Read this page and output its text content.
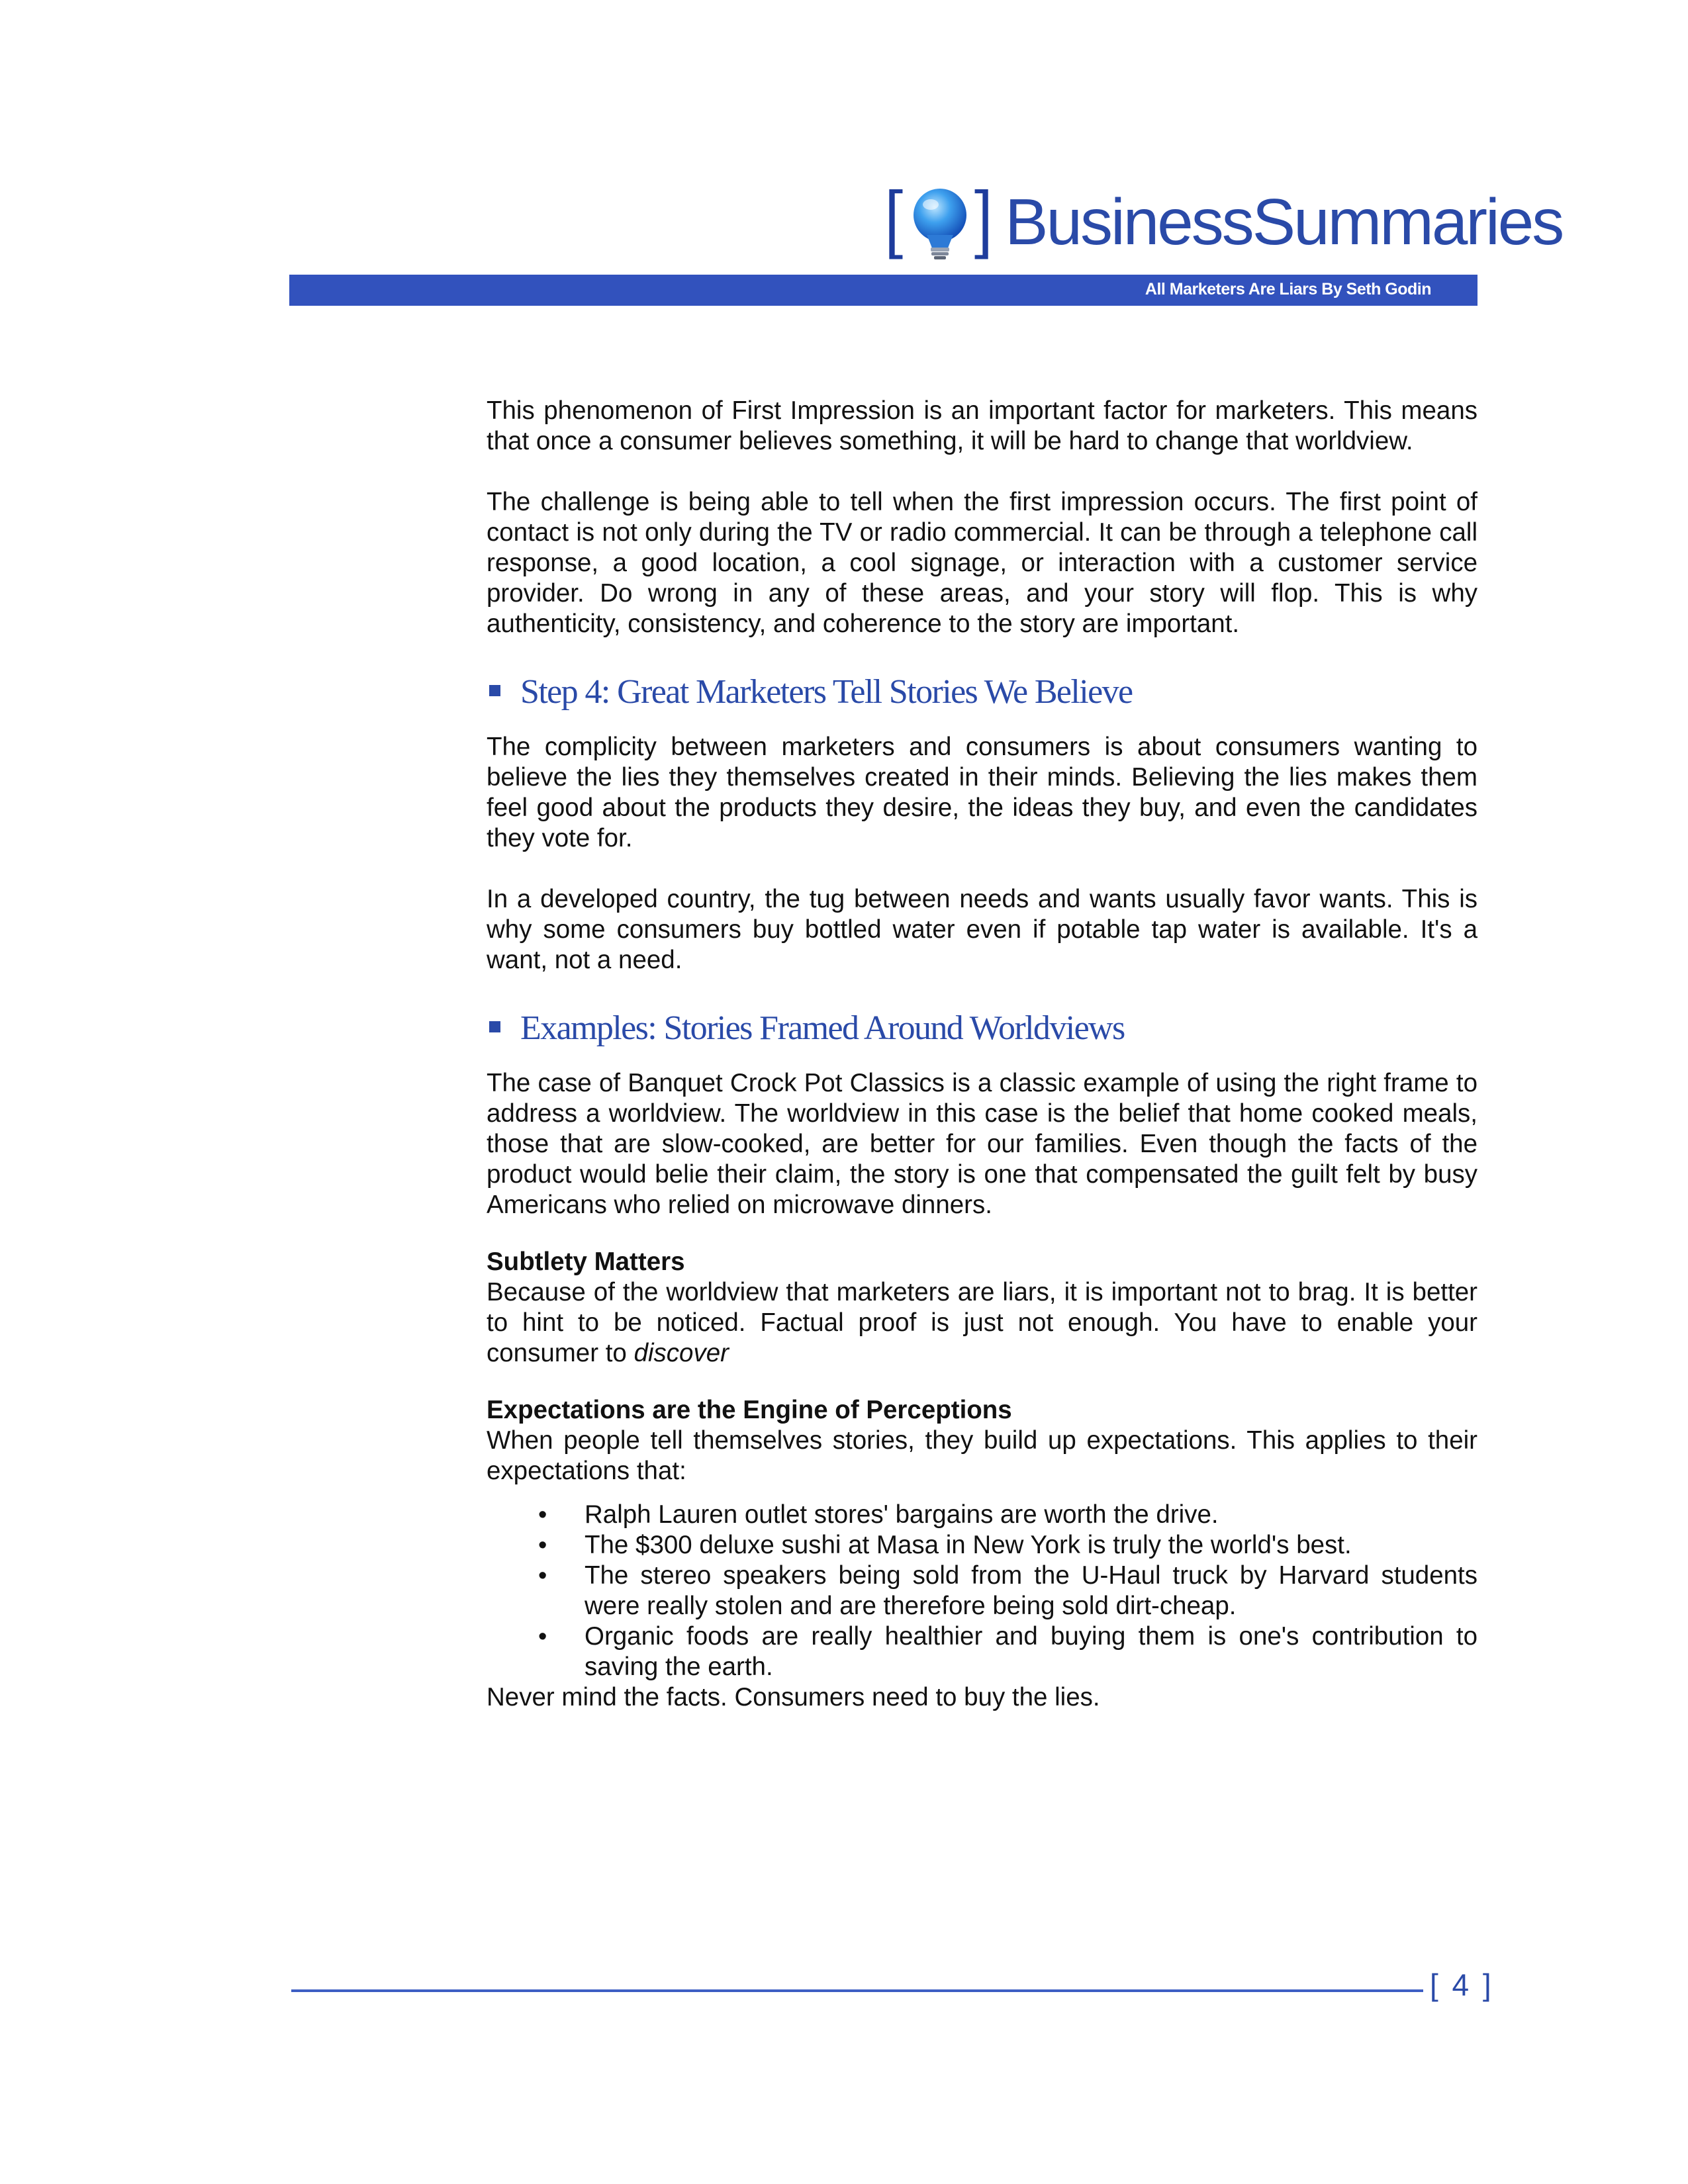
[ ] BusinessSummaries
All Marketers Are Liars By Seth Godin

This phenomenon of First Impression is an important factor for marketers. This means that once a consumer believes something, it will be hard to change that worldview.

The challenge is being able to tell when the first impression occurs. The first point of contact is not only during the TV or radio commercial. It can be through a telephone call response, a good location, a cool signage, or interaction with a customer service provider. Do wrong in any of these areas, and your story will flop. This is why authenticity, consistency, and coherence to the story are important.

Step 4: Great Marketers Tell Stories We Believe

The complicity between marketers and consumers is about consumers wanting to believe the lies they themselves created in their minds. Believing the lies makes them feel good about the products they desire, the ideas they buy, and even the candidates they vote for.

In a developed country, the tug between needs and wants usually favor wants. This is why some consumers buy bottled water even if potable tap water is available. It's a want, not a need.

Examples: Stories Framed Around Worldviews

The case of Banquet Crock Pot Classics is a classic example of using the right frame to address a worldview. The worldview in this case is the belief that home cooked meals, those that are slow-cooked, are better for our families. Even though the facts of the product would belie their claim, the story is one that compensated the guilt felt by busy Americans who relied on microwave dinners.

Subtlety Matters

Because of the worldview that marketers are liars, it is important not to brag. It is better to hint to be noticed. Factual proof is just not enough. You have to enable your consumer to discover

Expectations are the Engine of Perceptions

When people tell themselves stories, they build up expectations. This applies to their expectations that:

• Ralph Lauren outlet stores' bargains are worth the drive.
• The $300 deluxe sushi at Masa in New York is truly the world's best.
• The stereo speakers being sold from the U-Haul truck by Harvard students were really stolen and are therefore being sold dirt-cheap.
• Organic foods are really healthier and buying them is one's contribution to saving the earth.

Never mind the facts. Consumers need to buy the lies.

[ 4 ]
